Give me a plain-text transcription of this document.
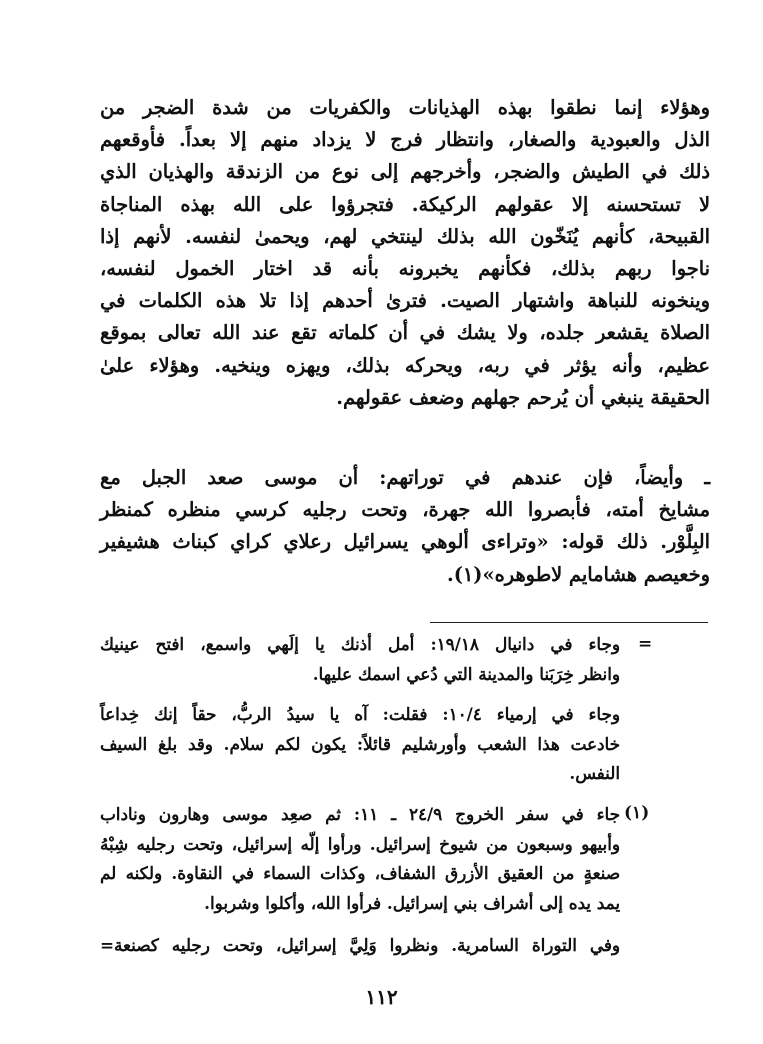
وهؤلاء إنما نطقوا بهذه الهذيانات والكفريات من شدة الضجر من
الذل والعبودية والصغار، وانتظار فرج لا يزداد منهم إلا بعداً. فأوقعهم
ذلك في الطيش والضجر، وأخرجهم إلى نوع من الزندقة والهذيان الذي
لا تستحسنه إلا عقولهم الركيكة. فتجرؤوا على الله بهذه المناجاة
القبيحة، كأنهم يُنَخّون الله بذلك لينتخي لهم، ويحمىٰ لنفسه. لأنهم إذا
ناجوا ربهم بذلك، فكأنهم يخبرونه بأنه قد اختار الخمول لنفسه،
وينخونه للنباهة واشتهار الصيت. فترىٰ أحدهم إذا تلا هذه الكلمات في
الصلاة يقشعر جلده، ولا يشك في أن كلماته تقع عند الله تعالى بموقع
عظيم، وأنه يؤثر في ربه، ويحركه بذلك، ويهزه وينخيه. وهؤلاء علىٰ
الحقيقة ينبغي أن يُرحم جهلهم وضعف عقولهم.
ـ وأيضاً، فإن عندهم في توراتهم: أن موسى صعد الجبل مع
مشايخ أمته، فأبصروا الله جهرة، وتحت رجليه كرسي منظره كمنظر
البِلَّوْر. ذلك قوله: «وتراءى ألوهي يسرائيل رعلاي كراي كبناث هشيفير
وخعيصم هشامايم لاطوهره»(١).
=
وجاء في دانيال ١٩/١٨: أمل أذنك يا إلَهي واسمع، افتح عينيك
وانظر خِرَبَنا والمدينة التي دُعي اسمك عليها.
وجاء في إرمياء ١٠/٤: فقلت: آه يا سيدُ الربُّ، حقاً إنك خِداعاً
خادعت هذا الشعب وأورشليم قائلاً: يكون لكم سلام. وقد بلغ السيف
النفس.
(١)
جاء في سفر الخروج ٢٤/٩ ـ ١١: ثم صعِد موسى وهارون وناداب
وأبيهو وسبعون من شيوخ إسرائيل. ورأوا إلّه إسرائيل، وتحت رجليه شِبْهُ
صنعةٍ من العقيق الأزرق الشفاف، وكذات السماء في النقاوة. ولكنه لم
يمد يده إلى أشراف بني إسرائيل. فرأوا الله، وأكلوا وشربوا.
وفي التوراة السامرية. ونظروا وَلِيَّ إسرائيل، وتحت رجليه كصنعة=
١١٢
